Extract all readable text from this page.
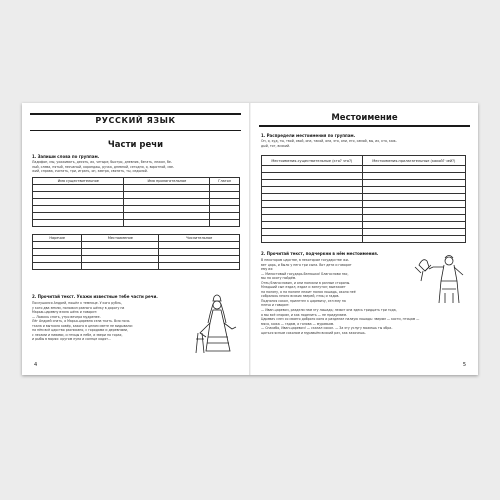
РУССКИЙ ЯЗЫК
Части речи
1. Запиши слова по группам.
Ладифон, мы, ухаживать, десять, их, четыре, быстро, дневник, бегать, лежал, бе-
лый, слева, пятый, песчаный, карандаш, ручка, дневной, сегодня, я, воротной, све-
жий, справа, считать, три, играть, он, завтра, святить, ты, седьмой.
Имя существительное	Имя прилагательное	Глагол

Наречие	Местоимение	Числительное

2. Прочитай текст. Укажи известные тебе части речи.
Послушался Андрей, пошёл к темнице. У кого рубль,
у кого два земли, положил разного шёлку в дорогу на
Марью-царевну взяла шёлк и говорит:
— Ложись спать, утро вечера мудренее.
Лёг Андрей спать, а Марья-царевна села ткать. Всю ночь
ткала и выткала ковёр, какого в целом свете не видывали:
на нём всё царство расписано, с городами и деревнями,
с лесами и нивами, и птицы в небе, и звери на горах,
и рыбы в морях: кругом луна и солнце ходят…
4
Местоимение
1. Распредели местоимения по группам.
Он, я, куд, ты, твой, свой, она, такой, она, это, они, его, самой, вы, их, кто, каж-
дый, тот, всякий.
Местоимения-существительные (кто? что?)	Местоимения-прилагательные (какой? чей?)

2. Прочитай текст, подчеркни в нём местоимения.
В некотором царстве, в некотором государстве жи-
вет царь, и было у него три сына. Вот дети и говорят
ему их:
— Милостивый государь-батюшка! Благослови нас,
мы на охоту пойдём.
Отец благословил, и они поехали в разные стороны.
Младший сын ездил, ездил и заплутал; выезжает
на поляну, а на поляне лежит палая лошадь, около неё
собралось много всяких зверей, птиц и гадов.
Поднялся сокол, прилетел к царевичу, сел ему на
плечо и говорит:
— Иван-царевич, раздели нам эту лошадь; лежит она здесь тридцать три года,
а мы всё спорим, и как поделить — не придумаем.
Царевич слез со своего доброго коня и разделил палаую лошадь: зверям — кости, птицам —
мясо, кожа — гадам, а голова — муравьям.
— Спасибо, Иван-царевич! — сказал сокол. — За эту услугу можешь ты обра-
щаться ясным соколом и муравьём всякий раз, как захочешь.
5
